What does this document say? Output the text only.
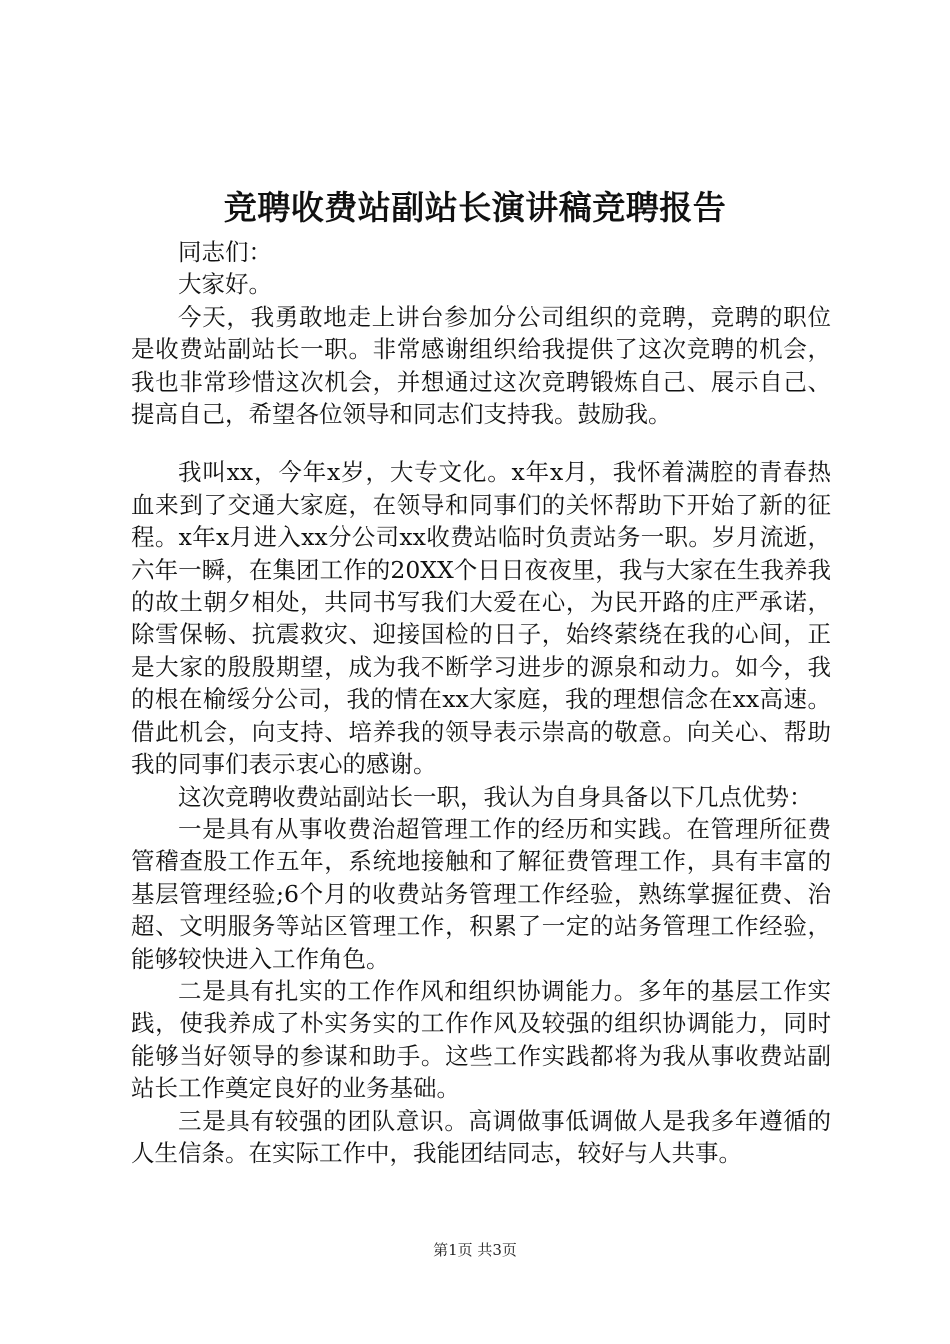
竞聘收费站副站长演讲稿竞聘报告

同志们：

大家好。

今天，我勇敢地走上讲台参加分公司组织的竞聘，竞聘的职位是收费站副站长一职。非常感谢组织给我提供了这次竞聘的机会，我也非常珍惜这次机会，并想通过这次竞聘锻炼自己、展示自己、提高自己，希望各位领导和同志们支持我。鼓励我。

我叫xx，今年x岁，大专文化。x年x月，我怀着满腔的青春热血来到了交通大家庭，在领导和同事们的关怀帮助下开始了新的征程。x年x月进入xx分公司xx收费站临时负责站务一职。岁月流逝，六年一瞬，在集团工作的20XX个日日夜夜里，我与大家在生我养我的故土朝夕相处，共同书写我们大爱在心，为民开路的庄严承诺，除雪保畅、抗震救灾、迎接国检的日子，始终萦绕在我的心间，正是大家的殷殷期望，成为我不断学习进步的源泉和动力。如今，我的根在榆绥分公司，我的情在xx大家庭，我的理想信念在xx高速。借此机会，向支持、培养我的领导表示崇高的敬意。向关心、帮助我的同事们表示衷心的感谢。

这次竞聘收费站副站长一职，我认为自身具备以下几点优势：

一是具有从事收费治超管理工作的经历和实践。在管理所征费管稽查股工作五年，系统地接触和了解征费管理工作，具有丰富的基层管理经验;6个月的收费站务管理工作经验，熟练掌握征费、治超、文明服务等站区管理工作，积累了一定的站务管理工作经验，能够较快进入工作角色。

二是具有扎实的工作作风和组织协调能力。多年的基层工作实践，使我养成了朴实务实的工作作风及较强的组织协调能力，同时能够当好领导的参谋和助手。这些工作实践都将为我从事收费站副站长工作奠定良好的业务基础。

三是具有较强的团队意识。高调做事低调做人是我多年遵循的人生信条。在实际工作中，我能团结同志，较好与人共事。

第1页 共3页
